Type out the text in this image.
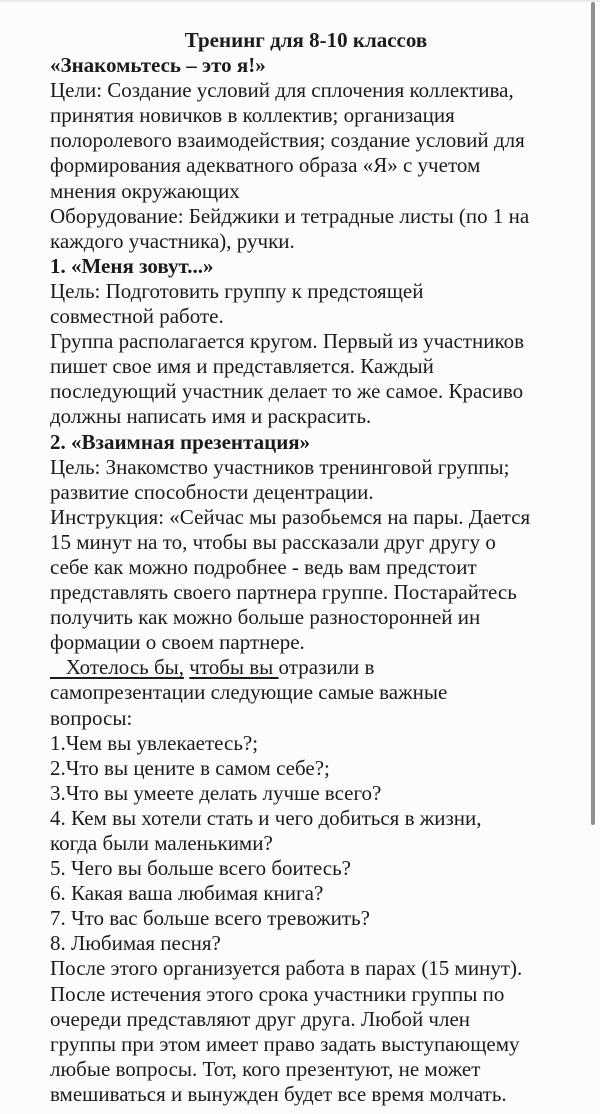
Тренинг для 8-10 классов
«Знакомьтесь – это я!»
Цели: Создание условий для сплочения коллектива,
принятия новичков в коллектив; организация
полоролевого взаимодействия; создание условий для
формирования адекватного образа «Я» с учетом
мнения окружающих
Оборудование: Бейджики и тетрадные листы (по 1 на
каждого участника), ручки.
1. «Меня зовут...»
Цель: Подготовить группу к предстоящей
совместной работе.
Группа располагается кругом. Первый из участников
пишет свое имя и представляется. Каждый
последующий участник делает то же самое. Красиво
должны написать имя и раскрасить.
2. «Взаимная презентация»
Цель: Знакомство участников тренинговой группы;
развитие способности децентрации.
Инструкция: «Сейчас мы разобьемся на пары. Дается
15 минут на то, чтобы вы рассказали друг другу о
себе как можно подробнее - ведь вам предстоит
представлять своего партнера группе. Постарайтесь
получить как можно больше разносторонней ин
формации о своем партнере.
Хотелось бы, чтобы вы отразили в
самопрезентации следующие самые важные
вопросы:
1.Чем вы увлекаетесь?;
2.Что вы цените в самом себе?;
3.Что вы умеете делать лучше всего?
4. Кем вы хотели стать и чего добиться в жизни,
когда были маленькими?
5. Чего вы больше всего боитесь?
6. Какая ваша любимая книга?
7. Что вас больше всего тревожить?
8. Любимая песня?
После этого организуется работа в парах (15 минут).
После истечения этого срока участники группы по
очереди представляют друг друга. Любой член
группы при этом имеет право задать выступающему
любые вопросы. Тот, кого презентуют, не может
вмешиваться и вынужден будет все время молчать.
